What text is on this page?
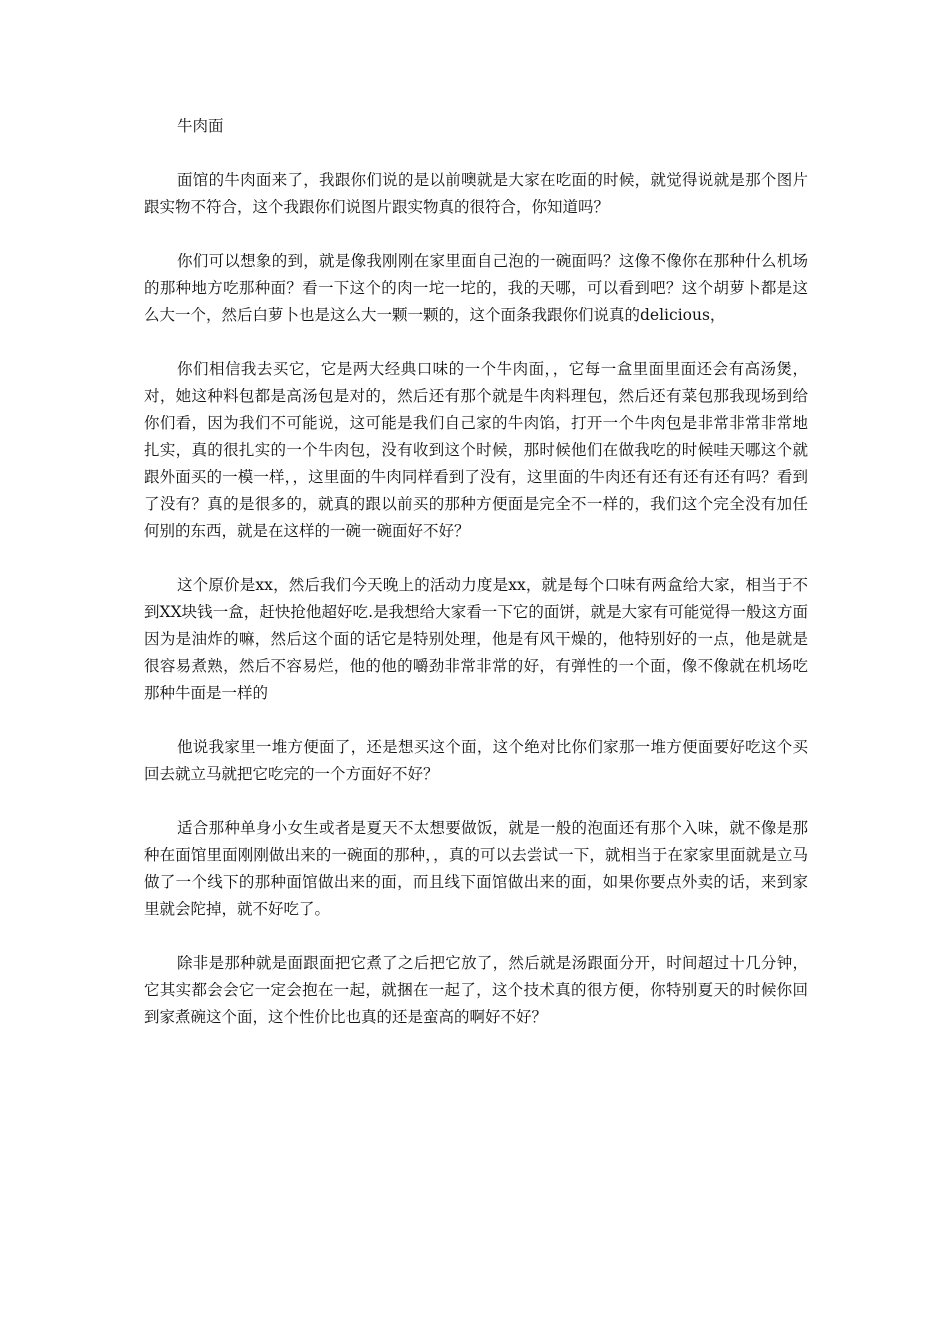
牛肉面

面馆的牛肉面来了，我跟你们说的是以前噢就是大家在吃面的时候，就觉得说就是那个图片跟实物不符合，这个我跟你们说图片跟实物真的很符合，你知道吗？

你们可以想象的到，就是像我刚刚在家里面自己泡的一碗面吗？这像不像你在那种什么机场的那种地方吃那种面？看一下这个的肉一坨一坨的，我的天哪，可以看到吧？这个胡萝卜都是这么大一个，然后白萝卜也是这么大一颗一颗的，这个面条我跟你们说真的delicious，

你们相信我去买它，它是两大经典口味的一个牛肉面，，它每一盒里面里面还会有高汤煲，对，她这种料包都是高汤包是对的，然后还有那个就是牛肉料理包，然后还有菜包那我现场到给你们看，因为我们不可能说，这可能是我们自己家的牛肉馅，打开一个牛肉包是非常非常非常地扎实，真的很扎实的一个牛肉包，没有收到这个时候，那时候他们在做我吃的时候哇天哪这个就跟外面买的一模一样，，这里面的牛肉同样看到了没有，这里面的牛肉还有还有还有还有吗？看到了没有？真的是很多的，就真的跟以前买的那种方便面是完全不一样的，我们这个完全没有加任何别的东西，就是在这样的一碗一碗面好不好？

这个原价是xx，然后我们今天晚上的活动力度是xx，就是每个口味有两盒给大家，相当于不到XX块钱一盒，赶快抢他超好吃.是我想给大家看一下它的面饼，就是大家有可能觉得一般这方面因为是油炸的嘛，然后这个面的话它是特别处理，他是有风干燥的，他特别好的一点，他是就是很容易煮熟，然后不容易烂，他的他的嚼劲非常非常的好，有弹性的一个面，像不像就在机场吃那种牛面是一样的

他说我家里一堆方便面了，还是想买这个面，这个绝对比你们家那一堆方便面要好吃这个买回去就立马就把它吃完的一个方面好不好？

适合那种单身小女生或者是夏天不太想要做饭，就是一般的泡面还有那个入味，就不像是那种在面馆里面刚刚做出来的一碗面的那种，，真的可以去尝试一下，就相当于在家家里面就是立马做了一个线下的那种面馆做出来的面，而且线下面馆做出来的面，如果你要点外卖的话，来到家里就会陀掉，就不好吃了。

除非是那种就是面跟面把它煮了之后把它放了，然后就是汤跟面分开，时间超过十几分钟，它其实都会会它一定会抱在一起，就捆在一起了，这个技术真的很方便，你特别夏天的时候你回到家煮碗这个面，这个性价比也真的还是蛮高的啊好不好？
